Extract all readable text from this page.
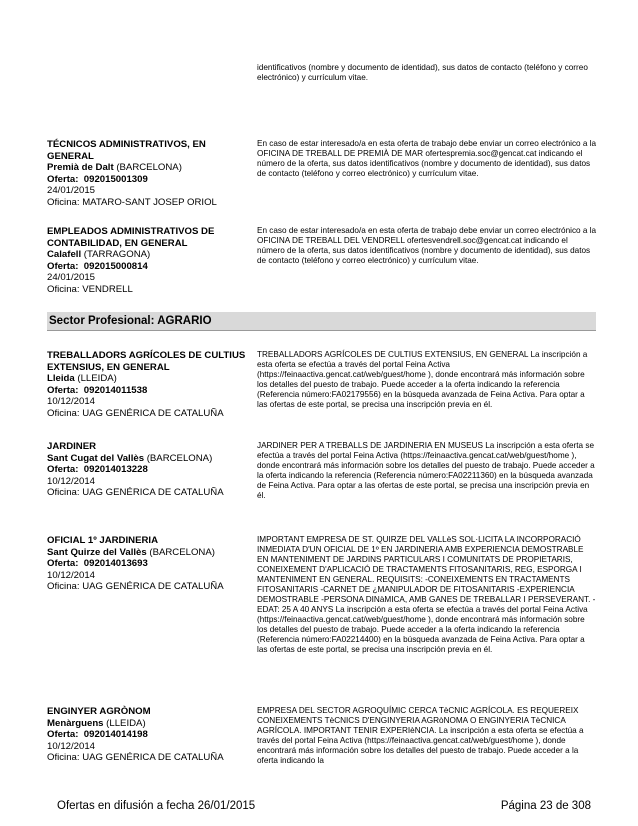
identificativos (nombre y documento de identidad), sus datos de contacto (teléfono y correo electrónico) y currículum vitae.
TÉCNICOS ADMINISTRATIVOS, EN GENERAL
Premià de Dalt (BARCELONA)
Oferta:  092015001309
24/01/2015
Oficina: MATARO-SANT JOSEP ORIOL
En caso de estar interesado/a en esta oferta de trabajo debe enviar un correo electrónico a la OFICINA DE TREBALL DE PREMIÀ DE MAR ofertespremia.soc@gencat.cat indicando el número de la oferta, sus datos identificativos (nombre y documento de identidad), sus datos de contacto (teléfono y correo electrónico) y currículum vitae.
EMPLEADOS ADMINISTRATIVOS DE CONTABILIDAD, EN GENERAL
Calafell (TARRAGONA)
Oferta:  092015000814
24/01/2015
Oficina: VENDRELL
En caso de estar interesado/a en esta oferta de trabajo debe enviar un correo electrónico a la OFICINA DE TREBALL DEL VENDRELL ofertesvendrell.soc@gencat.cat indicando el número de la oferta, sus datos identificativos (nombre y documento de identidad), sus datos de contacto (teléfono y correo electrónico) y currículum vitae.
Sector Profesional: AGRARIO
TREBALLADORS AGRÍCOLES DE CULTIUS EXTENSIUS, EN GENERAL
Lleida (LLEIDA)
Oferta:  092014011538
10/12/2014
Oficina: UAG GENÉRICA DE CATALUÑA
TREBALLADORS AGRÍCOLES DE CULTIUS EXTENSIUS, EN GENERAL La inscripción a esta oferta se efectúa a través del portal Feina Activa (https://feinaactiva.gencat.cat/web/guest/home ), donde encontrará más información sobre los detalles del puesto de trabajo. Puede acceder a la oferta indicando la referencia (Referencia número:FA02179556) en la búsqueda avanzada de Feina Activa. Para optar a las ofertas de este portal, se precisa una inscripción previa en él.
JARDINER
Sant Cugat del Vallès (BARCELONA)
Oferta:  092014013228
10/12/2014
Oficina: UAG GENÉRICA DE CATALUÑA
JARDINER PER A TREBALLS DE JARDINERIA EN MUSEUS La inscripción a esta oferta se efectúa a través del portal Feina Activa (https://feinaactiva.gencat.cat/web/guest/home ), donde encontrará más información sobre los detalles del puesto de trabajo. Puede acceder a la oferta indicando la referencia (Referencia número:FA02211360) en la búsqueda avanzada de Feina Activa. Para optar a las ofertas de este portal, se precisa una inscripción previa en él.
OFICIAL 1º JARDINERIA
Sant Quirze del Vallès (BARCELONA)
Oferta:  092014013693
10/12/2014
Oficina: UAG GENÉRICA DE CATALUÑA
IMPORTANT EMPRESA DE ST. QUIRZE DEL VALLèS SOL·LICITA LA INCORPORACIÓ INMEDIATA D'UN OFICIAL DE 1º EN JARDINERIA AMB EXPERIENCIA DEMOSTRABLE EN MANTENIMENT DE JARDINS PARTICULARS I COMUNITATS DE PROPIETARIS, CONEIXEMENT D'APLICACIÓ DE TRACTAMENTS FITOSANITARIS, REG, ESPORGA I MANTENIMENT EN GENERAL. REQUISITS: -CONEIXEMENTS EN TRACTAMENTS FITOSANITARIS -CARNET DE ¿MANIPULADOR DE FITOSANITARIS -EXPERIENCIA DEMOSTRABLE -PERSONA DINàMICA, AMB GANES DE TREBALLAR I PERSEVERANT. -EDAT: 25 A 40 ANYS La inscripción a esta oferta se efectúa a través del portal Feina Activa (https://feinaactiva.gencat.cat/web/guest/home ), donde encontrará más información sobre los detalles del puesto de trabajo. Puede acceder a la oferta indicando la referencia (Referencia número:FA02214400) en la búsqueda avanzada de Feina Activa. Para optar a las ofertas de este portal, se precisa una inscripción previa en él.
ENGINYER AGRÒNOM
Menàrguens (LLEIDA)
Oferta:  092014014198
10/12/2014
Oficina: UAG GENÉRICA DE CATALUÑA
EMPRESA DEL SECTOR AGROQUÍMIC CERCA TèCNIC AGRÍCOLA. ES REQUEREIX CONEIXEMENTS TèCNICS D'ENGINYERIA AGRòNOMA O ENGINYERIA TèCNICA AGRÍCOLA. IMPORTANT TENIR EXPERIèNCIA. La inscripción a esta oferta se efectúa a través del portal Feina Activa (https://feinaactiva.gencat.cat/web/guest/home ), donde encontrará más información sobre los detalles del puesto de trabajo. Puede acceder a la oferta indicando la
Ofertas en difusión a fecha 26/01/2015	Página 23 de 308
